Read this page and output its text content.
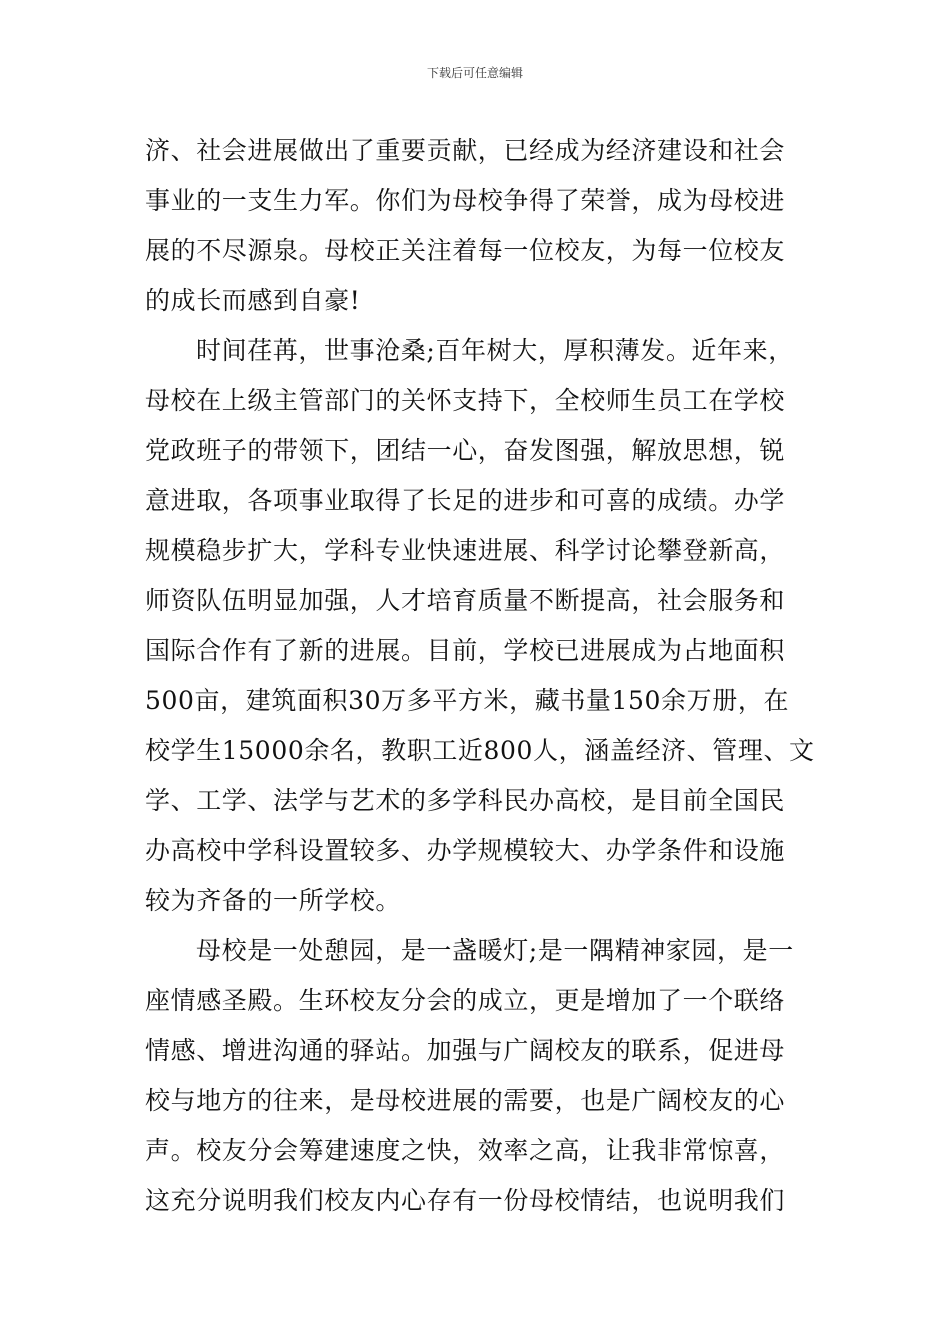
下载后可任意编辑
济、社会进展做出了重要贡献，已经成为经济建设和社会
事业的一支生力军。你们为母校争得了荣誉，成为母校进
展的不尽源泉。母校正关注着每一位校友，为每一位校友
的成长而感到自豪!
时间荏苒，世事沧桑;百年树大，厚积薄发。近年来，
母校在上级主管部门的关怀支持下，全校师生员工在学校
党政班子的带领下，团结一心，奋发图强，解放思想，锐
意进取，各项事业取得了长足的进步和可喜的成绩。办学
规模稳步扩大，学科专业快速进展、科学讨论攀登新高，
师资队伍明显加强，人才培育质量不断提高，社会服务和
国际合作有了新的进展。目前，学校已进展成为占地面积
500亩，建筑面积30万多平方米，藏书量150余万册，在
校学生15000余名，教职工近800人，涵盖经济、管理、文
学、工学、法学与艺术的多学科民办高校，是目前全国民
办高校中学科设置较多、办学规模较大、办学条件和设施
较为齐备的一所学校。
母校是一处憩园，是一盏暖灯;是一隅精神家园，是一
座情感圣殿。生环校友分会的成立，更是增加了一个联络
情感、增进沟通的驿站。加强与广阔校友的联系，促进母
校与地方的往来，是母校进展的需要，也是广阔校友的心
声。校友分会筹建速度之快，效率之高，让我非常惊喜，
这充分说明我们校友内心存有一份母校情结，也说明我们
